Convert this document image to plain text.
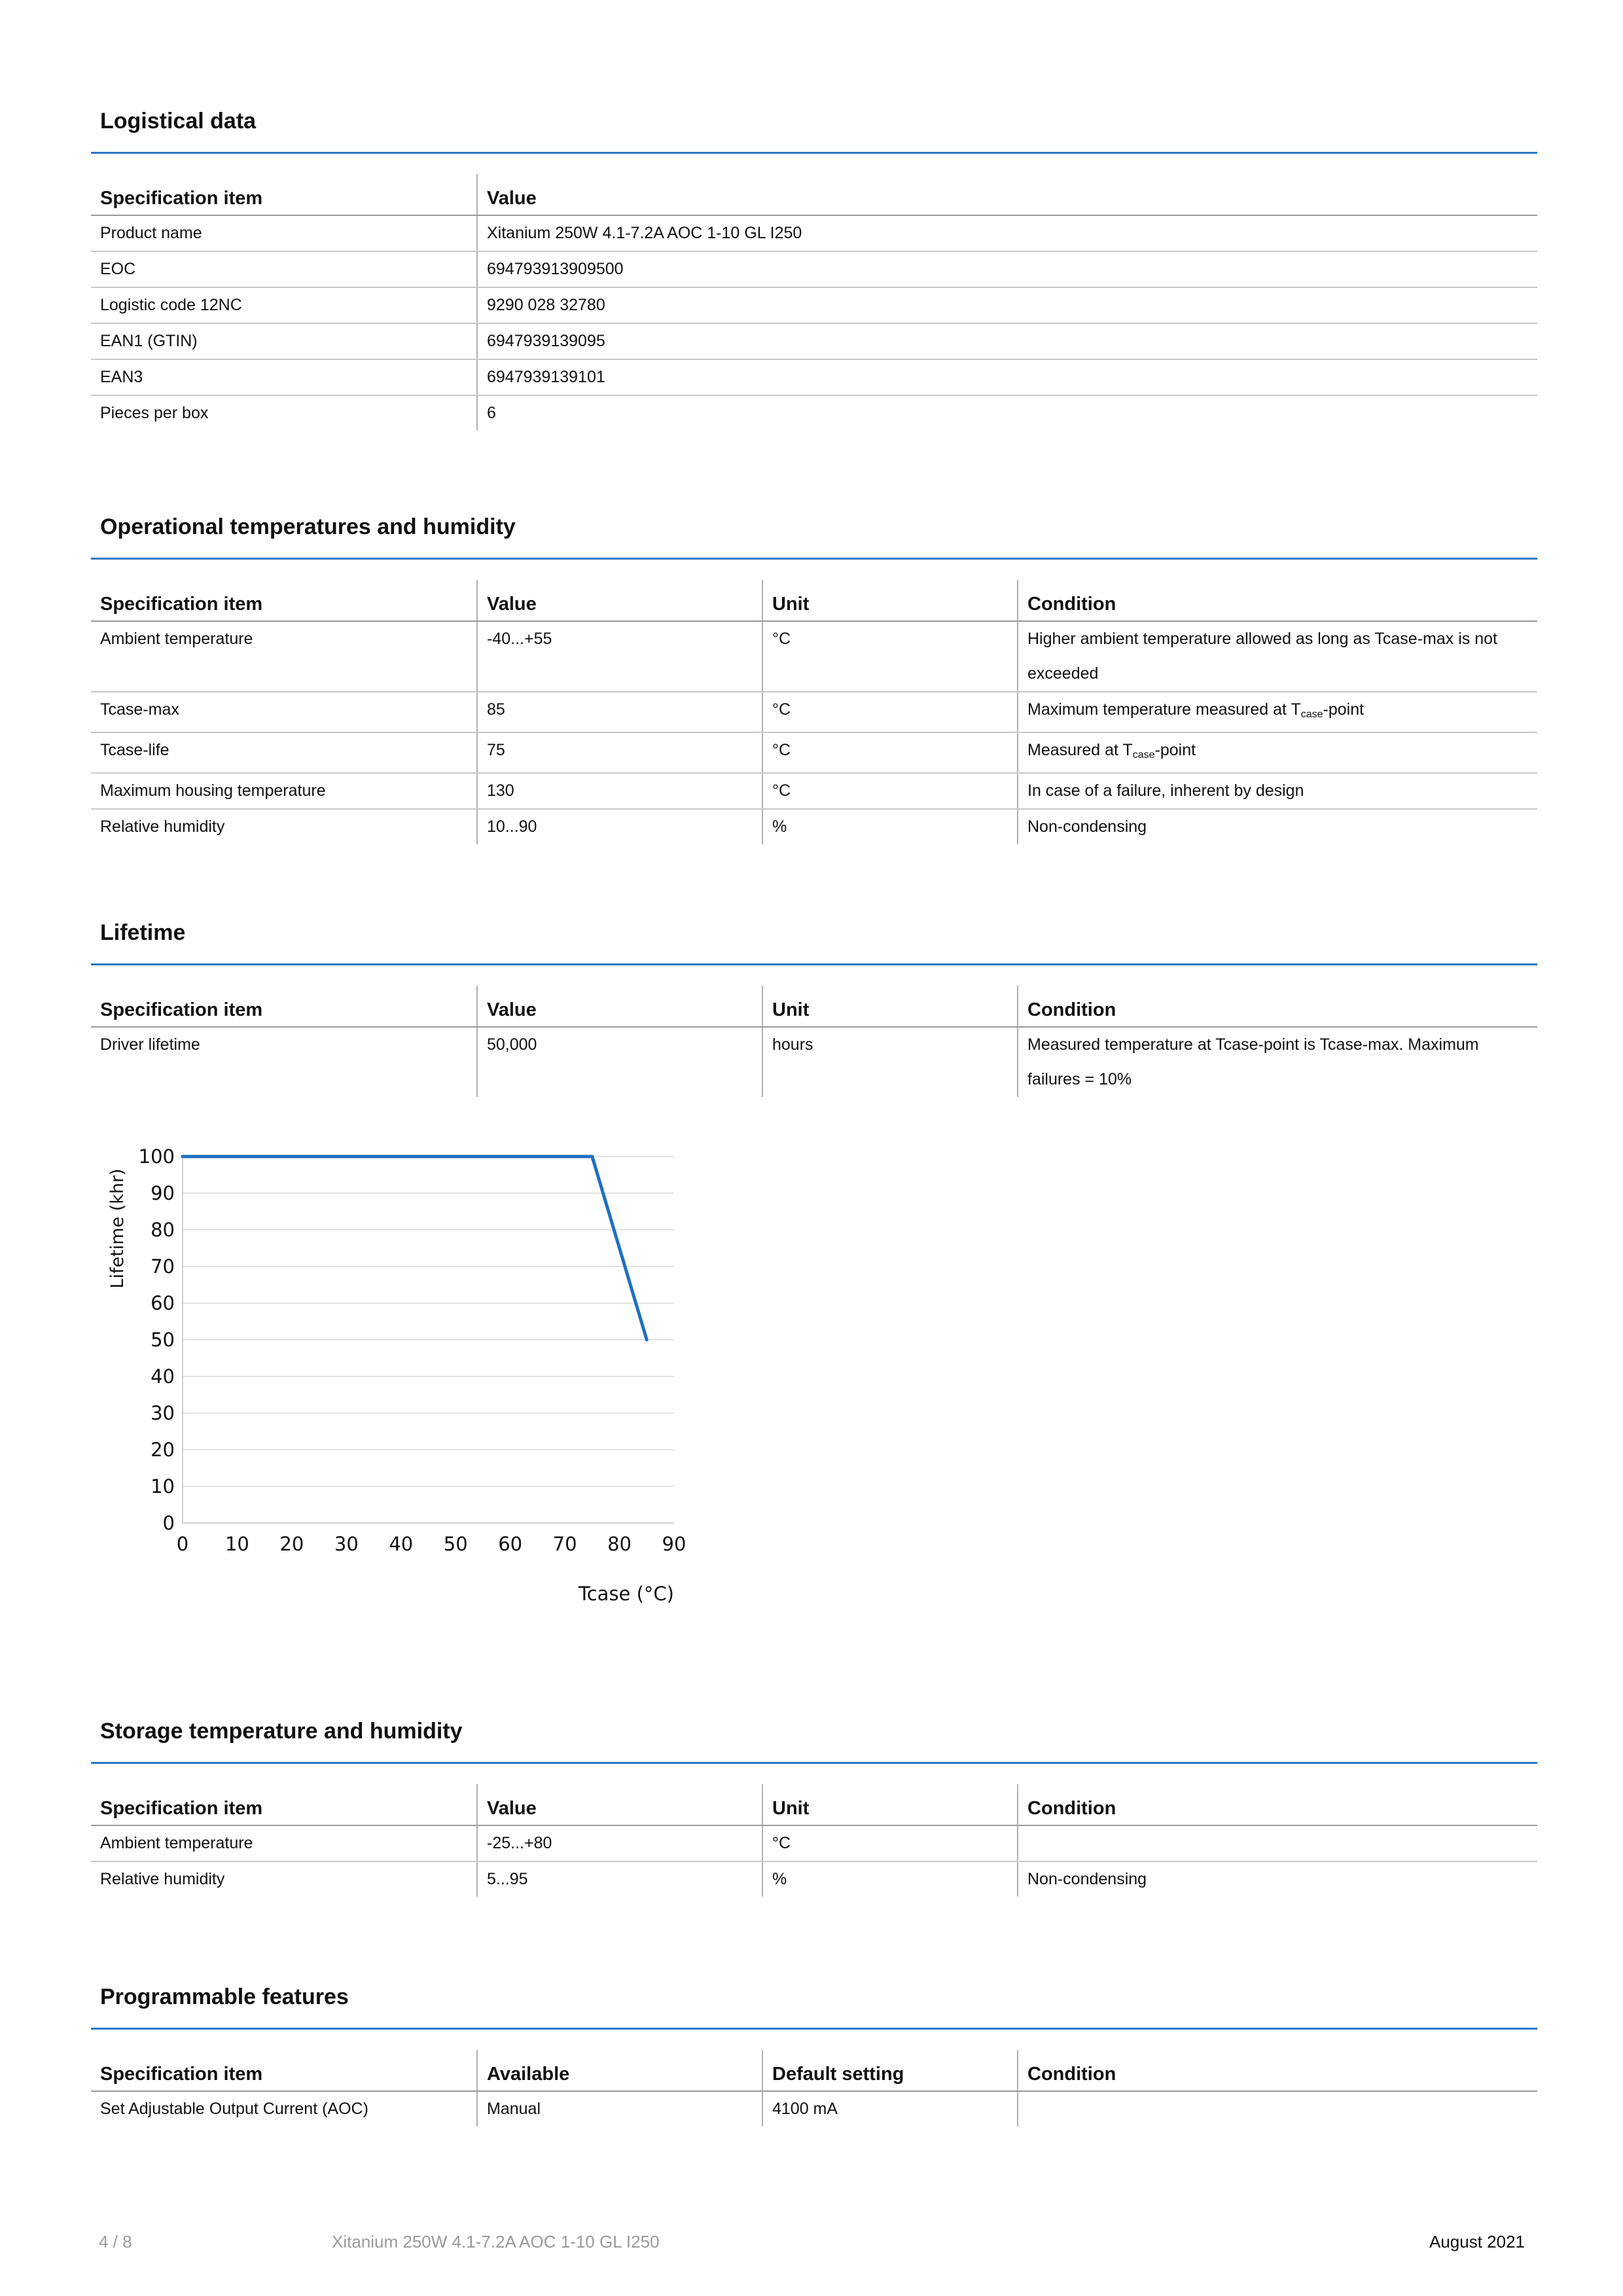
Logistical data
Specification item	Value
Product name	Xitanium 250W 4.1-7.2A AOC 1-10 GL I250
EOC	694793913909500
Logistic code 12NC	9290 028 32780
EAN1 (GTIN)	6947939139095
EAN3	6947939139101
Pieces per box	6
Operational temperatures and humidity
Specification item	Value	Unit	Condition
Ambient temperature	-40...+55	°C	Higher ambient temperature allowed as long as Tcase-max is not exceeded
Tcase-max	85	°C	Maximum temperature measured at $T_{case}$-point
Tcase-life	75	°C	Measured at $T_{case}$-point
Maximum housing temperature	130	°C	In case of a failure, inherent by design
Relative humidity	10...90	%	Non-condensing
Lifetime
Specification item	Value	Unit	Condition
Driver lifetime	50,000	hours	Measured temperature at Tcase-point is Tcase-max. Maximum failures = 10%
0
10
20
30
40
50
60
70
80
90
100
0 10 20 30 40 50 60 70 80 90
Tcase (°C)
Lifetime (khr)
Storage temperature and humidity
Specification item	Value	Unit	Condition
Ambient temperature	-25...+80	°C	
Relative humidity	5...95	%	Non-condensing
Programmable features
Specification item	Available	Default setting	Condition
Set Adjustable Output Current (AOC)	Manual	4100 mA	
4 / 8	Xitanium 250W 4.1-7.2A AOC 1-10 GL I250	August 2021
